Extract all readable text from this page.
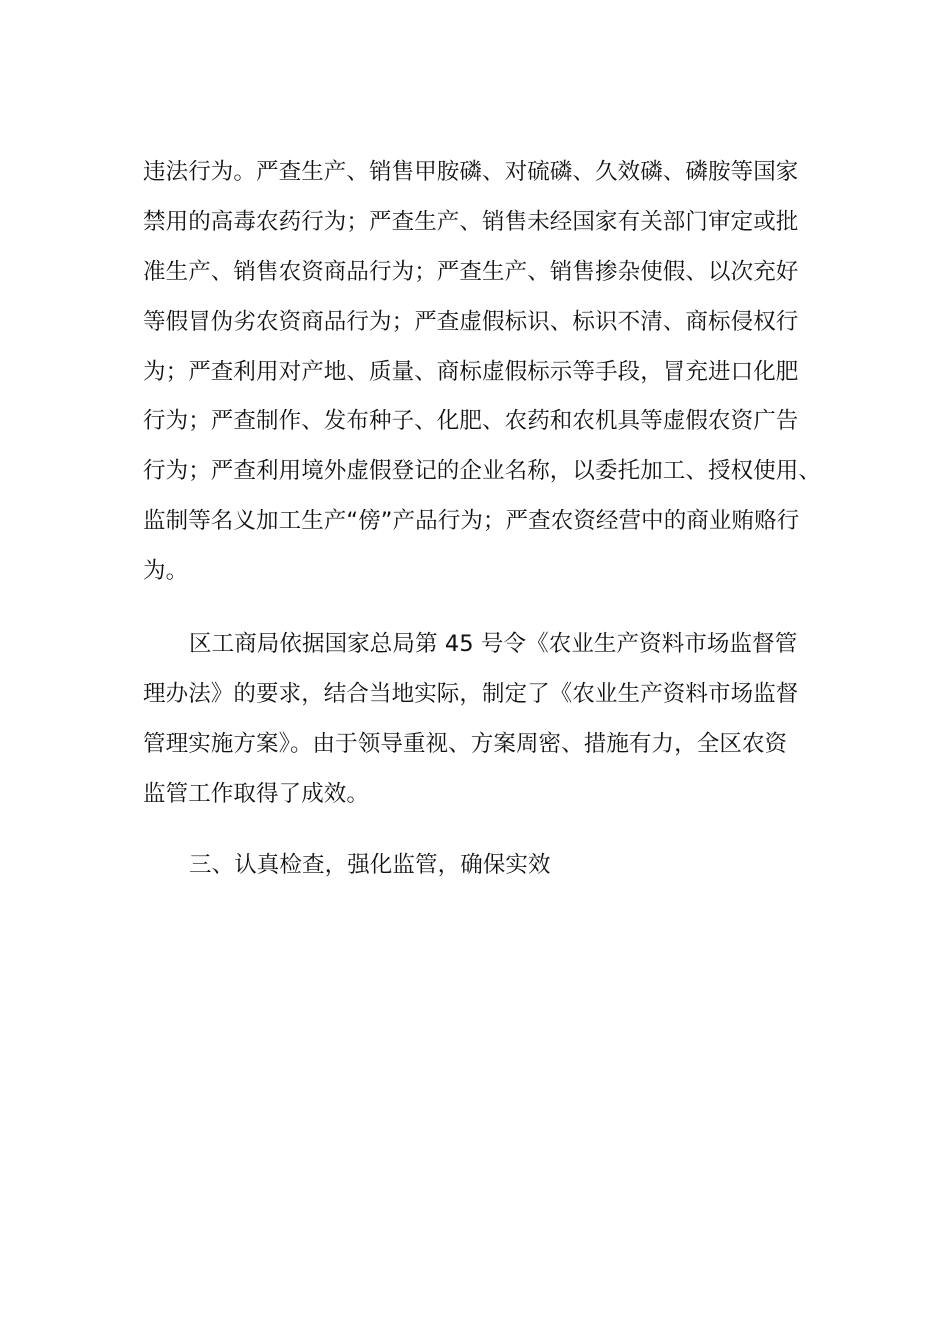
违法行为。严查生产、销售甲胺磷、对硫磷、久效磷、磷胺等国家
禁用的高毒农药行为；严查生产、销售未经国家有关部门审定或批
准生产、销售农资商品行为；严查生产、销售掺杂使假、以次充好
等假冒伪劣农资商品行为；严查虚假标识、标识不清、商标侵权行
为；严查利用对产地、质量、商标虚假标示等手段，冒充进口化肥
行为；严查制作、发布种子、化肥、农药和农机具等虚假农资广告
行为；严查利用境外虚假登记的企业名称，以委托加工、授权使用、
监制等名义加工生产“傍”产品行为；严查农资经营中的商业贿赂行
为。
区工商局依据国家总局第 45 号令《农业生产资料市场监督管
理办法》的要求，结合当地实际，制定了《农业生产资料市场监督
管理实施方案》。由于领导重视、方案周密、措施有力，全区农资
监管工作取得了成效。
三、认真检查，强化监管，确保实效
